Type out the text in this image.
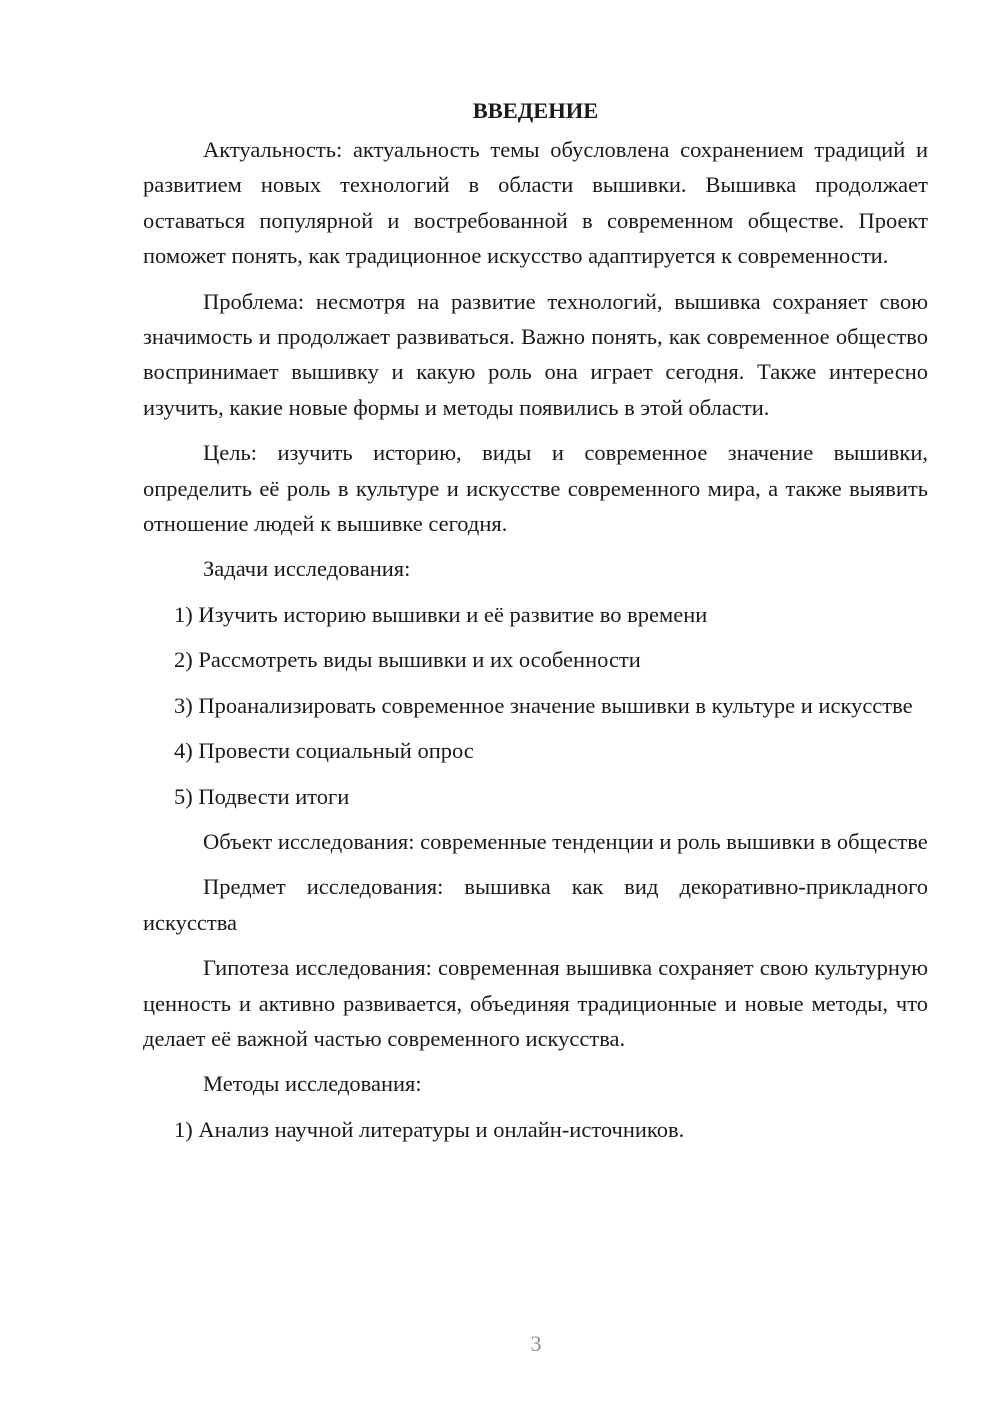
ВВЕДЕНИЕ

Актуальность: актуальность темы обусловлена сохранением традиций и развитием новых технологий в области вышивки. Вышивка продолжает оставаться популярной и востребованной в современном обществе. Проект поможет понять, как традиционное искусство адаптируется к современности.

Проблема: несмотря на развитие технологий, вышивка сохраняет свою значимость и продолжает развиваться. Важно понять, как современное общество воспринимает вышивку и какую роль она играет сегодня. Также интересно изучить, какие новые формы и методы появились в этой области.

Цель: изучить историю, виды и современное значение вышивки, определить её роль в культуре и искусстве современного мира, а также выявить отношение людей к вышивке сегодня.

Задачи исследования:

1) Изучить историю вышивки и её развитие во времени

2) Рассмотреть виды вышивки и их особенности

3) Проанализировать современное значение вышивки в культуре и искусстве

4) Провести социальный опрос

5) Подвести итоги

Объект исследования: современные тенденции и роль вышивки в обществе

Предмет исследования: вышивка как вид декоративно-прикладного искусства

Гипотеза исследования: современная вышивка сохраняет свою культурную ценность и активно развивается, объединяя традиционные и новые методы, что делает её важной частью современного искусства.

Методы исследования:

1) Анализ научной литературы и онлайн-источников.

3
